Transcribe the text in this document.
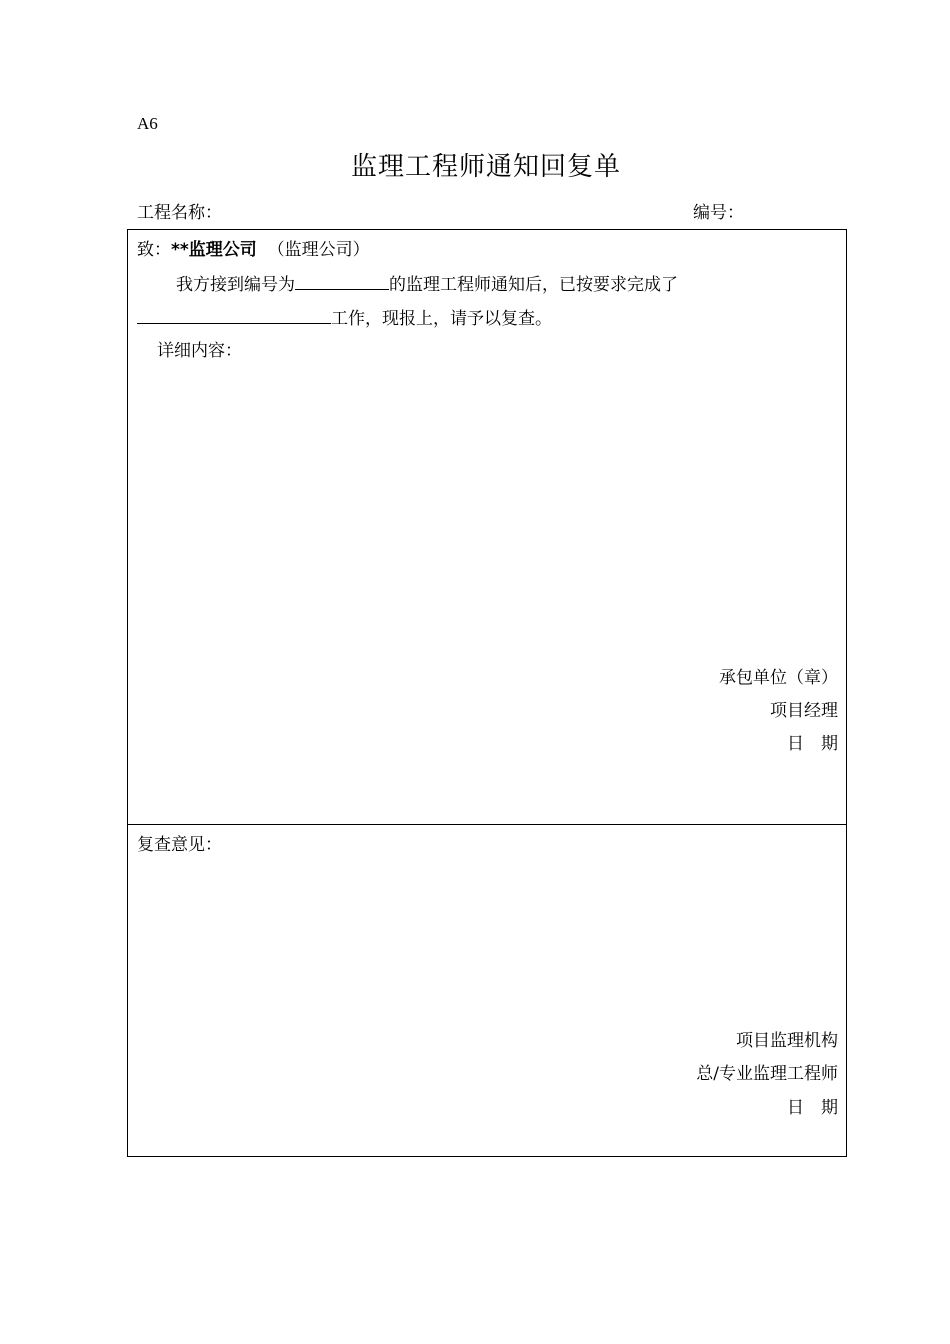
A6
监理工程师通知回复单
工程名称：	编号：
致：**监理公司 （监理公司）
我方接到编号为	的监理工程师通知后，已按要求完成了
工作，现报上，请予以复查。
详细内容：
承包单位（章）
项目经理
日　期
复查意见：
项目监理机构
总/专业监理工程师
日　期
